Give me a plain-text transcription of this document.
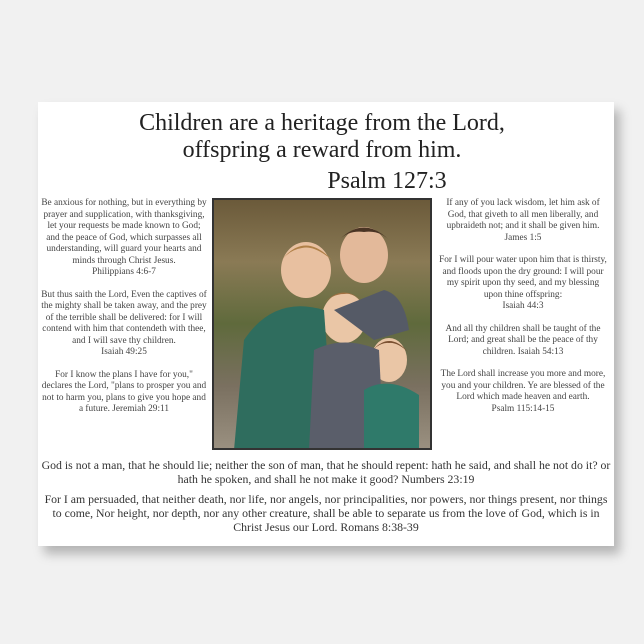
Children are a heritage from the Lord,
offspring a reward from him.
Psalm 127:3

Be anxious for nothing, but in everything by prayer and supplication, with thanksgiving, let your requests be made known to God; and the peace of God, which surpasses all understanding, will guard your hearts and minds through Christ Jesus.
Philippians 4:6-7

But thus saith the Lord, Even the captives of the mighty shall be taken away, and the prey of the terrible shall be delivered: for I will contend with him that contendeth with thee, and I will save thy children.
Isaiah 49:25

For I know the plans I have for you," declares the Lord, "plans to prosper you and not to harm you, plans to give you hope and a future. Jeremiah 29:11

If any of you lack wisdom, let him ask of God, that giveth to all men liberally, and upbraideth not; and it shall be given him.
James 1:5

For I will pour water upon him that is thirsty, and floods upon the dry ground: I will pour my spirit upon thy seed, and my blessing upon thine offspring:
Isaiah 44:3

And all thy children shall be taught of the Lord; and great shall be the peace of thy children. Isaiah 54:13

The Lord shall increase you more and more, you and your children. Ye are blessed of the Lord which made heaven and earth.
Psalm 115:14-15

God is not a man, that he should lie; neither the son of man, that he should repent: hath he said, and shall he not do it? or hath he spoken, and shall he not make it good? Numbers 23:19
For I am persuaded, that neither death, nor life, nor angels, nor principalities, nor powers, nor things present, nor things to come, Nor height, nor depth, nor any other creature, shall be able to separate us from the love of God, which is in Christ Jesus our Lord. Romans 8:38-39
